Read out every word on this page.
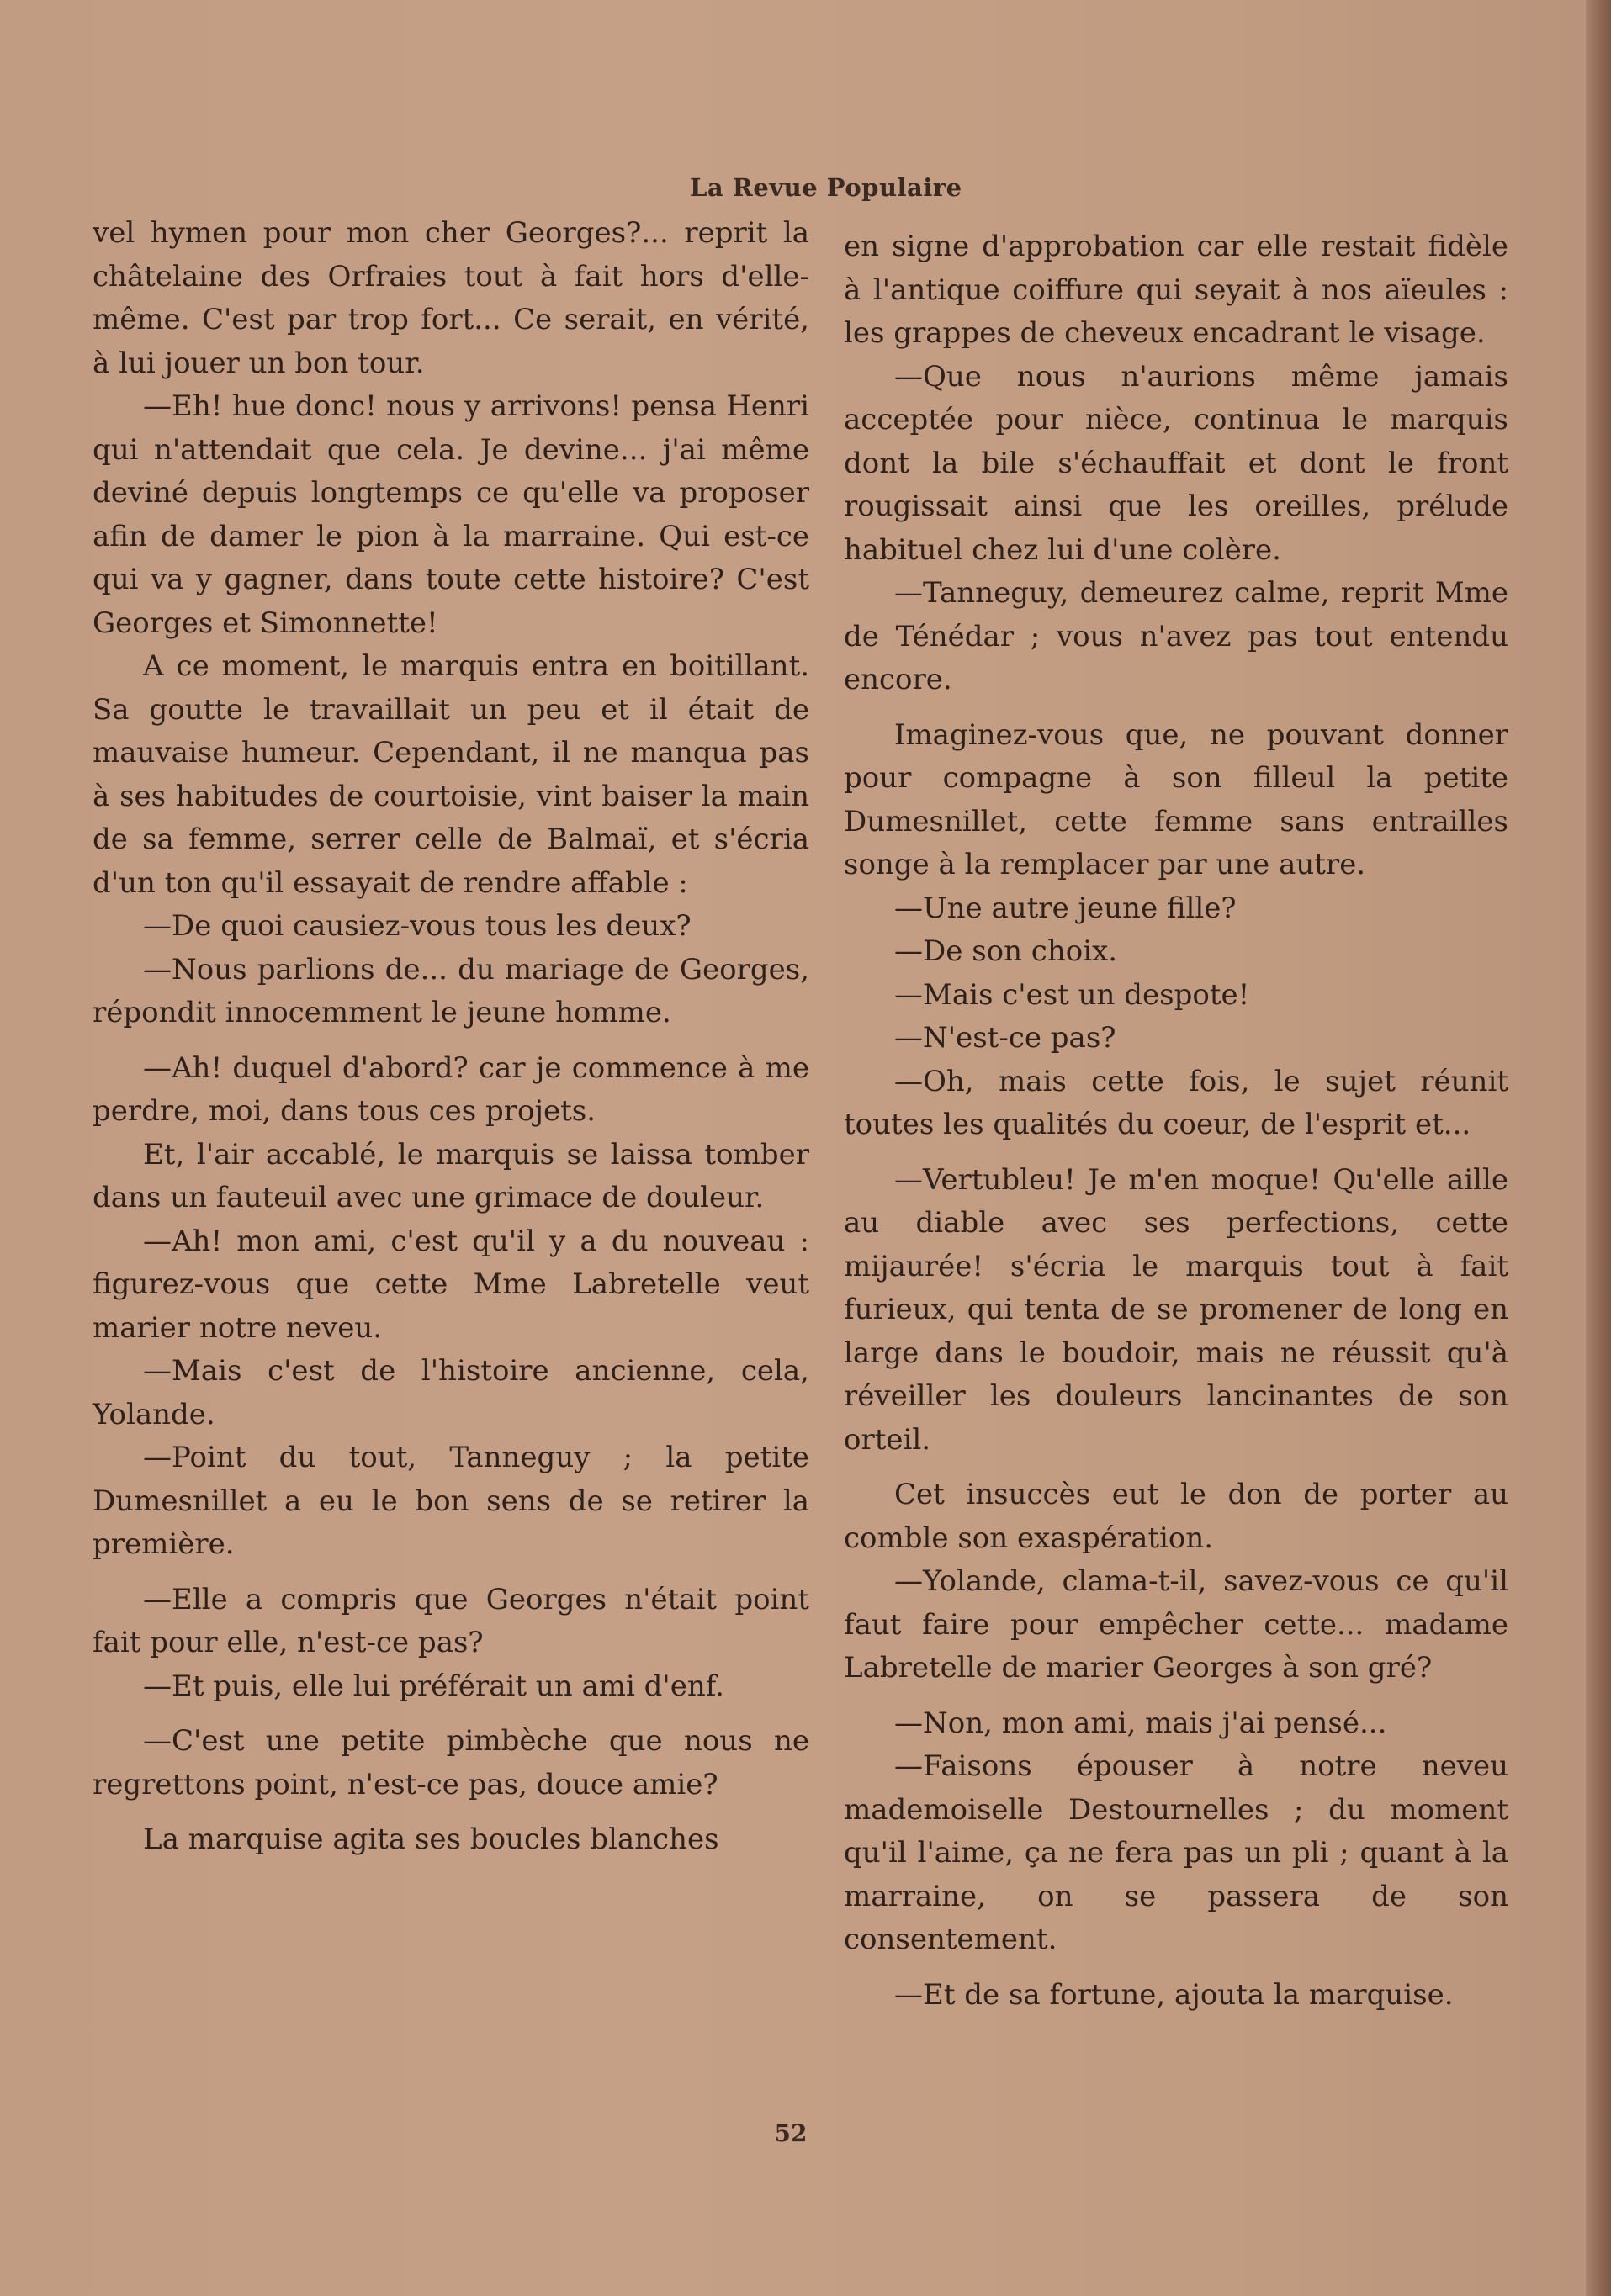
La Revue Populaire

vel hymen pour mon cher Georges?... reprit la châtelaine des Orfraies tout à fait hors d'elle-même. C'est par trop fort... Ce serait, en vérité, à lui jouer un bon tour.

—Eh! hue donc! nous y arrivons! pensa Henri qui n'attendait que cela. Je devine... j'ai même deviné depuis longtemps ce qu'elle va proposer afin de damer le pion à la marraine. Qui est-ce qui va y gagner, dans toute cette histoire? C'est Georges et Simonnette!

A ce moment, le marquis entra en boitillant. Sa goutte le travaillait un peu et il était de mauvaise humeur. Cependant, il ne manqua pas à ses habitudes de courtoisie, vint baiser la main de sa femme, serrer celle de Balmaï, et s'écria d'un ton qu'il essayait de rendre affable :

—De quoi causiez-vous tous les deux?

—Nous parlions de... du mariage de Georges, répondit innocemment le jeune homme.

—Ah! duquel d'abord? car je commence à me perdre, moi, dans tous ces projets.

Et, l'air accablé, le marquis se laissa tomber dans un fauteuil avec une grimace de douleur.

—Ah! mon ami, c'est qu'il y a du nouveau : figurez-vous que cette Mme Labretelle veut marier notre neveu.

—Mais c'est de l'histoire ancienne, cela, Yolande.

—Point du tout, Tanneguy ; la petite Dumesnillet a eu le bon sens de se retirer la première.

—Elle a compris que Georges n'était point fait pour elle, n'est-ce pas?

—Et puis, elle lui préférait un ami d'enf.

—C'est une petite pimbèche que nous ne regrettons point, n'est-ce pas, douce amie?

La marquise agita ses boucles blanches

en signe d'approbation car elle restait fidèle à l'antique coiffure qui seyait à nos aïeules : les grappes de cheveux encadrant le visage.

—Que nous n'aurions même jamais acceptée pour nièce, continua le marquis dont la bile s'échauffait et dont le front rougissait ainsi que les oreilles, prélude habituel chez lui d'une colère.

—Tanneguy, demeurez calme, reprit Mme de Ténédar ; vous n'avez pas tout entendu encore.

Imaginez-vous que, ne pouvant donner pour compagne à son filleul la petite Dumesnillet, cette femme sans entrailles songe à la remplacer par une autre.

—Une autre jeune fille?

—De son choix.

—Mais c'est un despote!

—N'est-ce pas?

—Oh, mais cette fois, le sujet réunit toutes les qualités du coeur, de l'esprit et...

—Vertubleu! Je m'en moque! Qu'elle aille au diable avec ses perfections, cette mijaurée! s'écria le marquis tout à fait furieux, qui tenta de se promener de long en large dans le boudoir, mais ne réussit qu'à réveiller les douleurs lancinantes de son orteil.

Cet insuccès eut le don de porter au comble son exaspération.

—Yolande, clama-t-il, savez-vous ce qu'il faut faire pour empêcher cette... madame Labretelle de marier Georges à son gré?

—Non, mon ami, mais j'ai pensé...

—Faisons épouser à notre neveu mademoiselle Destournelles ; du moment qu'il l'aime, ça ne fera pas un pli ; quant à la marraine, on se passera de son consentement.

—Et de sa fortune, ajouta la marquise.

52
